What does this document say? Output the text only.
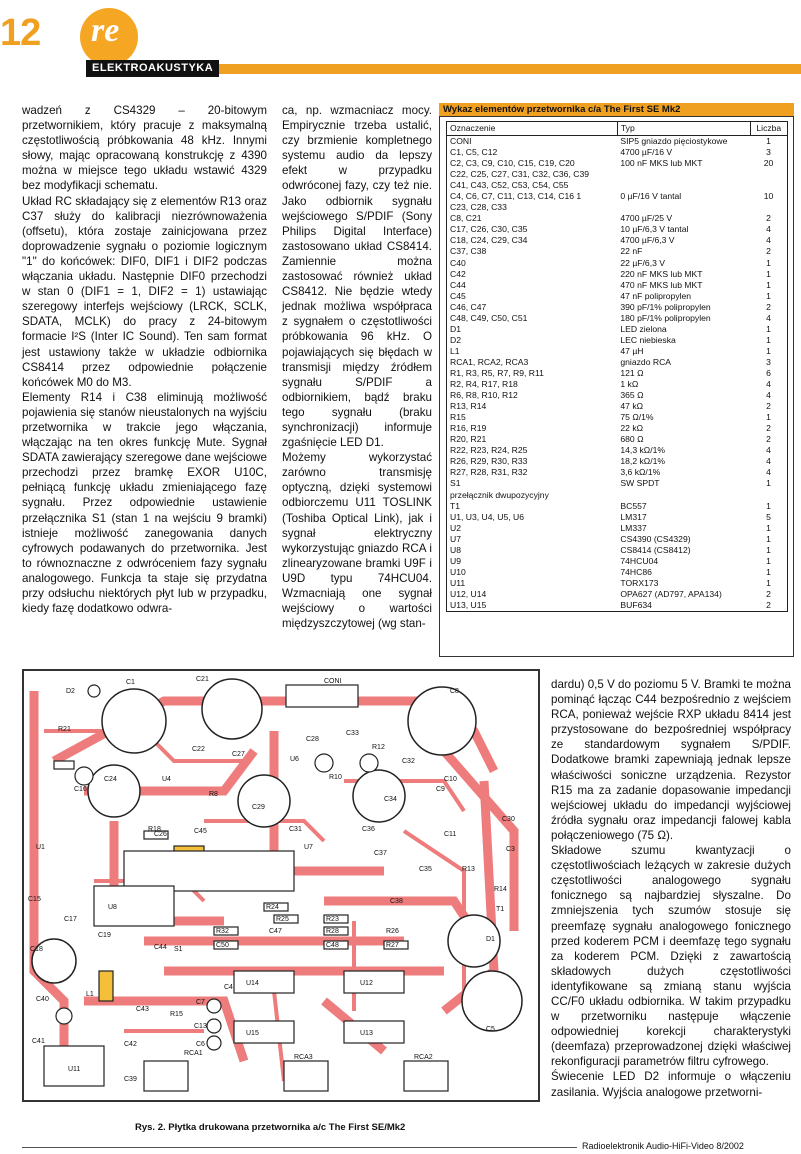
12 re
ELEKTROAKUSTYKA

wadzeń z CS4329 – 20-bitowym przetwornikiem, który pracuje z maksymalną częstotliwością próbkowania 48 kHz. Innymi słowy, mając opracowaną konstrukcję z 4390 można w miejsce tego układu wstawić 4329 bez modyfikacji schematu.

Układ RC składający się z elementów R13 oraz C37 służy do kalibracji niezrównoważenia (offsetu), która zostaje zainicjowana przez doprowadzenie sygnału o poziomie logicznym "1" do końcówek: DIF0, DIF1 i DIF2 podczas włączania układu. Następnie DIF0 przechodzi w stan 0 (DIF1 = 1, DIF2 = 1) ustawiając szeregowy interfejs wejściowy (LRCK, SCLK, SDATA, MCLK) do pracy z 24-bitowym formacie I²S (Inter IC Sound). Ten sam format jest ustawiony także w układzie odbiornika CS8414 przez odpowiednie połączenie końcówek M0 do M3.

Elementy R14 i C38 eliminują możliwość pojawienia się stanów nieustalonych na wyjściu przetwornika w trakcie jego włączania, włączając na ten okres funkcję Mute. Sygnał SDATA zawierający szeregowe dane wejściowe przechodzi przez bramkę EXOR U10C, pełniącą funkcję układu zmieniającego fazę sygnału. Przez odpowiednie ustawienie przełącznika S1 (stan 1 na wejściu 9 bramki) istnieje możliwość zanegowania danych cyfrowych podawanych do przetwornika. Jest to równoznaczne z odwróceniem fazy sygnału analogowego. Funkcja ta staje się przydatna przy odsłuchu niektórych płyt lub w przypadku, kiedy fazę dodatkowo odwra-

ca, np. wzmacniacz mocy. Empirycznie trzeba ustalić, czy brzmienie kompletnego systemu audio da lepszy efekt w przypadku odwróconej fazy, czy też nie. Jako odbiornik sygnału wejściowego S/PDIF (Sony Philips Digital Interface) zastosowano układ CS8414. Zamiennie można zastosować również układ CS8412. Nie będzie wtedy jednak możliwa współpraca z sygnałem o częstotliwości próbkowania 96 kHz. O pojawiających się błędach w transmisji między źródłem sygnału S/PDIF a odbiornikiem, bądź braku tego sygnału (braku synchronizacji) informuje zgaśnięcie LED D1.

Możemy wykorzystać zarówno transmisję optyczną, dzięki systemowi odbiorczemu U11 TOSLINK (Toshiba Optical Link), jak i sygnał elektryczny wykorzystując gniazdo RCA i zlinearyzowane bramki U9F i U9D typu 74HCU04. Wzmacniają one sygnał wejściowy o wartości międzyszczytowej (wg stan-

dardu) 0,5 V do poziomu 5 V. Bramki te można pominąć łącząc C44 bezpośrednio z wejściem RCA, ponieważ wejście RXP układu 8414 jest przystosowane do bezpośredniej współpracy ze standardowym sygnałem S/PDIF. Dodatkowe bramki zapewniają jednak lepsze właściwości soniczne urządzenia. Rezystor R15 ma za zadanie dopasowanie impedancji wejściowej układu do impedancji wyjściowej źródła sygnału oraz impedancji falowej kabla połączeniowego (75 Ω).

Składowe szumu kwantyzacji o częstotliwościach leżących w zakresie dużych częstotliwości analogowego sygnału fonicznego są najbardziej słyszalne. Do zmniejszenia tych szumów stosuje się preemfazę sygnału analogowego fonicznego przed koderem PCM i deemfazę tego sygnału za koderem PCM. Dzięki z zawartością składowych dużych częstotliwości identyfikowane są zmianą stanu wyjścia CC/F0 układu odbiornika. W takim przypadku w przetworniku następuje włączenie odpowiedniej korekcji charakterystyki (deemfaza) przeprowadzonej dzięki właściwej rekonfiguracji parametrów filtru cyfrowego.

Świecenie LED D2 informuje o włączeniu zasilania. Wyjścia analogowe przetworni-

Wykaz elementów przetwornika c/a The First SE Mk2
Oznaczenie	Typ	Liczba
CONI	SIP5 gniazdo pięciostykowe	1
C1, C5, C12	4700 µF/16 V	3
C2, C3, C9, C10, C15, C19, C20	100 nF MKS lub MKT	20
C22, C25, C27, C31, C32, C36, C39		
C41, C43, C52, C53, C54, C55		
C4, C6, C7, C11, C13, C14, C16 1	0 µF/16 V tantal	10
C23, C28, C33		
C8, C21	4700 µF/25 V	2
C17, C26, C30, C35	10 µF/6,3 V tantal	4
C18, C24, C29, C34	4700 µF/6,3 V	4
C37, C38	22 nF	2
C40	22 µF/6,3 V	1
C42	220 nF MKS lub MKT	1
C44	470 nF MKS lub MKT	1
C45	47 nF polipropylen	1
C46, C47	390 pF/1% polipropylen	2
C48, C49, C50, C51	180 pF/1% polipropylen	4
D1	LED zielona	1
D2	LEC niebieska	1
L1	47 µH	1
RCA1, RCA2, RCA3	gniazdo RCA	3
R1, R3, R5, R7, R9, R11	121 Ω	6
R2, R4, R17, R18	1 kΩ	4
R6, R8, R10, R12	365 Ω	4
R13, R14	47 kΩ	2
R15	75 Ω/1%	1
R16, R19	22 kΩ	2
R20, R21	680 Ω	2
R22, R23, R24, R25	14,3 kΩ/1%	4
R26, R29, R30, R33	18,2 kΩ/1%	4
R27, R28, R31, R32	3,6 kΩ/1%	4
S1	SW SPDT	1
przełącznik dwupozycyjny		
T1	BC557	1
U1, U3, U4, U5, U6	LM317	5
U2	LM337	1
U7	CS4390 (CS4329)	1
U8	CS8414 (CS8412)	1
U9	74HCU04	1
U10	74HC86	1
U11	TORX173	1
U12, U14	OPA627 (AD797, APA134)	2
U13, U15	BUF634	2
C1	C21	CONI
C8
D2
R21
C22
C24	U4
R8
C27
U6
C29
C34
C31
C9
C11
C30
C26
C16
R18	C45
C15
U7
U8	R24
R25	R23
R32	C47	R28	R26
C50	C48	R27
C19
C17
S1
C44
C18
C43
R15
U14	U12
C40
L1
C42
U15	U13
C5
C4
C7
C13
C6
C41
U11
C39
RCA1
RCA3	RCA2
U1
C36
C37
C38
R13
R12
C32
C33
R10
C28
C35
C3
R14
C10
D1
T1
Rys. 2. Płytka drukowana przetwornika a/c The First SE/Mk2
Radioelektronik Audio-HiFi-Video 8/2002
